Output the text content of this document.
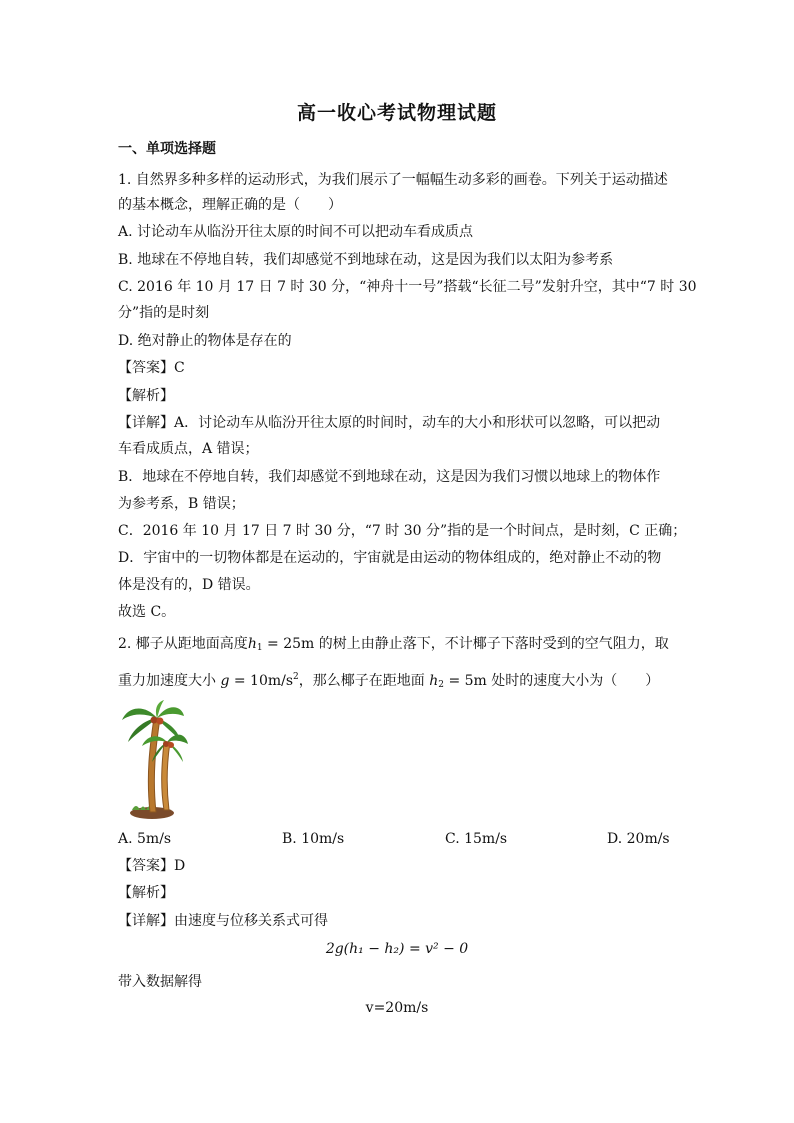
高一收心考试物理试题
一、单项选择题
1. 自然界多种多样的运动形式，为我们展示了一幅幅生动多彩的画卷。下列关于运动描述
的基本概念，理解正确的是（　　）
A. 讨论动车从临汾开往太原的时间不可以把动车看成质点
B. 地球在不停地自转，我们却感觉不到地球在动，这是因为我们以太阳为参考系
C. 2016 年 10 月 17 日 7 时 30 分，“神舟十一号”搭载“长征二号”发射升空，其中“7 时 30
分”指的是时刻
D. 绝对静止的物体是存在的
【答案】C
【解析】
【详解】A．讨论动车从临汾开往太原的时间时，动车的大小和形状可以忽略，可以把动
车看成质点，A 错误；
B．地球在不停地自转，我们却感觉不到地球在动，这是因为我们习惯以地球上的物体作
为参考系，B 错误；
C．2016 年 10 月 17 日 7 时 30 分，“7 时 30 分”指的是一个时间点，是时刻，C 正确；
D．宇宙中的一切物体都是在运动的，宇宙就是由运动的物体组成的，绝对静止不动的物
体是没有的，D 错误。
故选 C。
2. 椰子从距地面高度$h_1 = 25m$ 的树上由静止落下，不计椰子下落时受到的空气阻力，取
重力加速度大小 $g = 10m/s^2$，那么椰子在距地面 $h_2 = 5m$ 处时的速度大小为（　　）
A. 5m/s	B. 10m/s	C. 15m/s	D. 20m/s
【答案】D
【解析】
【详解】由速度与位移关系式可得
2g(h₁ − h₂) = v² − 0
带入数据解得
v=20m/s
